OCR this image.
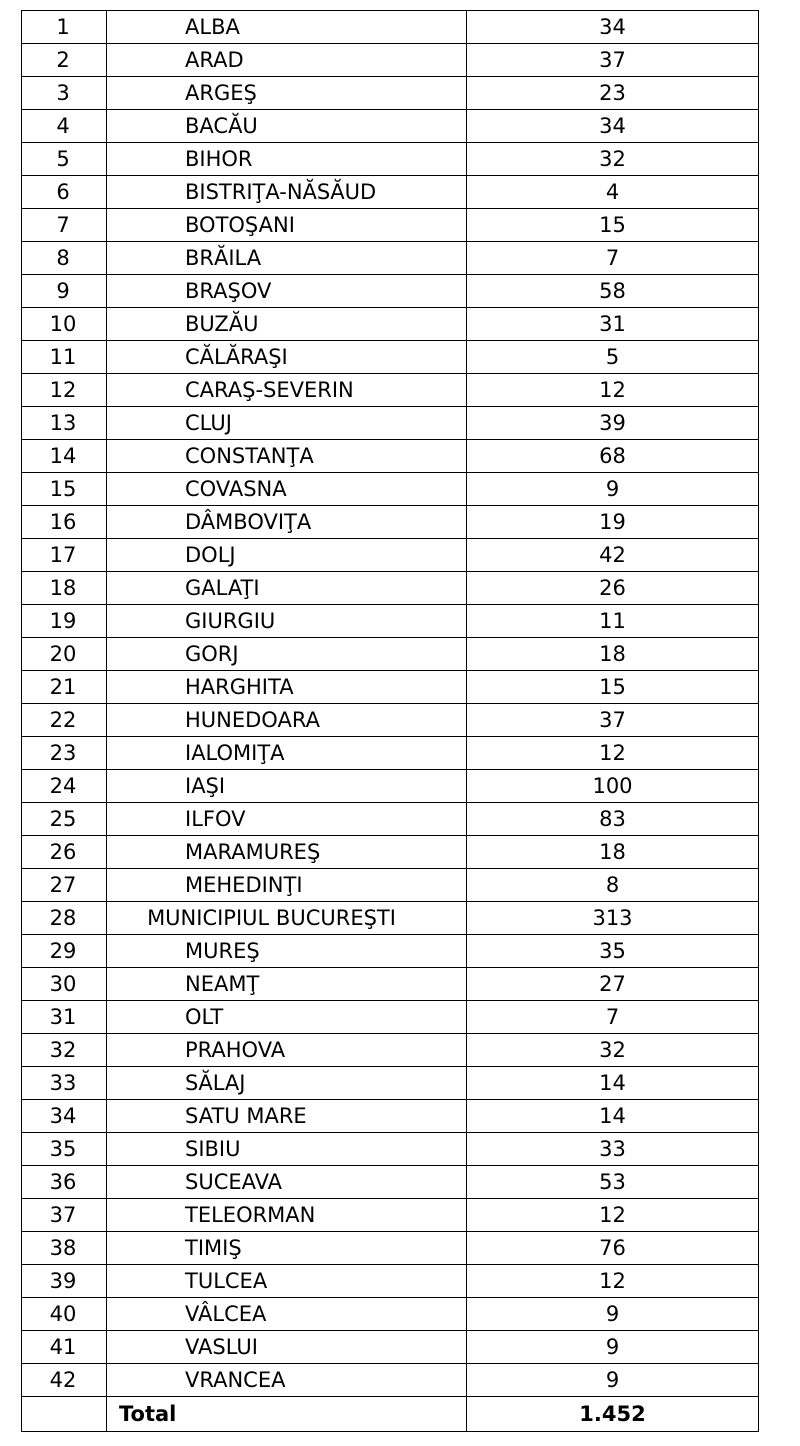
1	ALBA	34
2	ARAD	37
3	ARGEŞ	23
4	BACĂU	34
5	BIHOR	32
6	BISTRIŢA-NĂSĂUD	4
7	BOTOŞANI	15
8	BRĂILA	7
9	BRAŞOV	58
10	BUZĂU	31
11	CĂLĂRAŞI	5
12	CARAŞ-SEVERIN	12
13	CLUJ	39
14	CONSTANŢA	68
15	COVASNA	9
16	DÂMBOVIŢA	19
17	DOLJ	42
18	GALAŢI	26
19	GIURGIU	11
20	GORJ	18
21	HARGHITA	15
22	HUNEDOARA	37
23	IALOMIŢA	12
24	IAŞI	100
25	ILFOV	83
26	MARAMUREŞ	18
27	MEHEDINŢI	8
28	MUNICIPIUL BUCUREŞTI	313
29	MUREŞ	35
30	NEAMŢ	27
31	OLT	7
32	PRAHOVA	32
33	SĂLAJ	14
34	SATU MARE	14
35	SIBIU	33
36	SUCEAVA	53
37	TELEORMAN	12
38	TIMIŞ	76
39	TULCEA	12
40	VÂLCEA	9
41	VASLUI	9
42	VRANCEA	9
	Total	1.452
